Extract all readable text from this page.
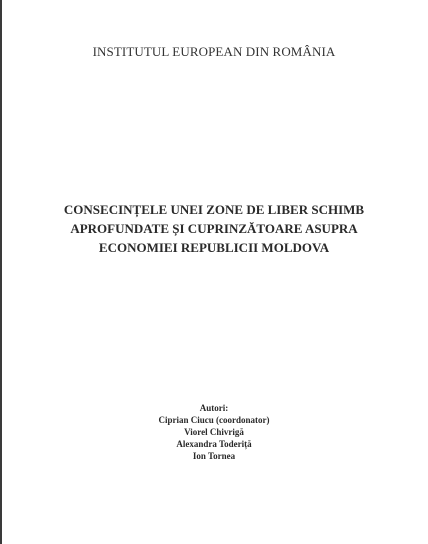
INSTITUTUL EUROPEAN DIN ROMÂNIA
CONSECINȚELE UNEI ZONE DE LIBER SCHIMB
APROFUNDATE ȘI CUPRINZĂTOARE ASUPRA
ECONOMIEI REPUBLICII MOLDOVA
Autori:
Ciprian Ciucu (coordonator)
Viorel Chivrigă
Alexandra Toderiță
Ion Tornea
